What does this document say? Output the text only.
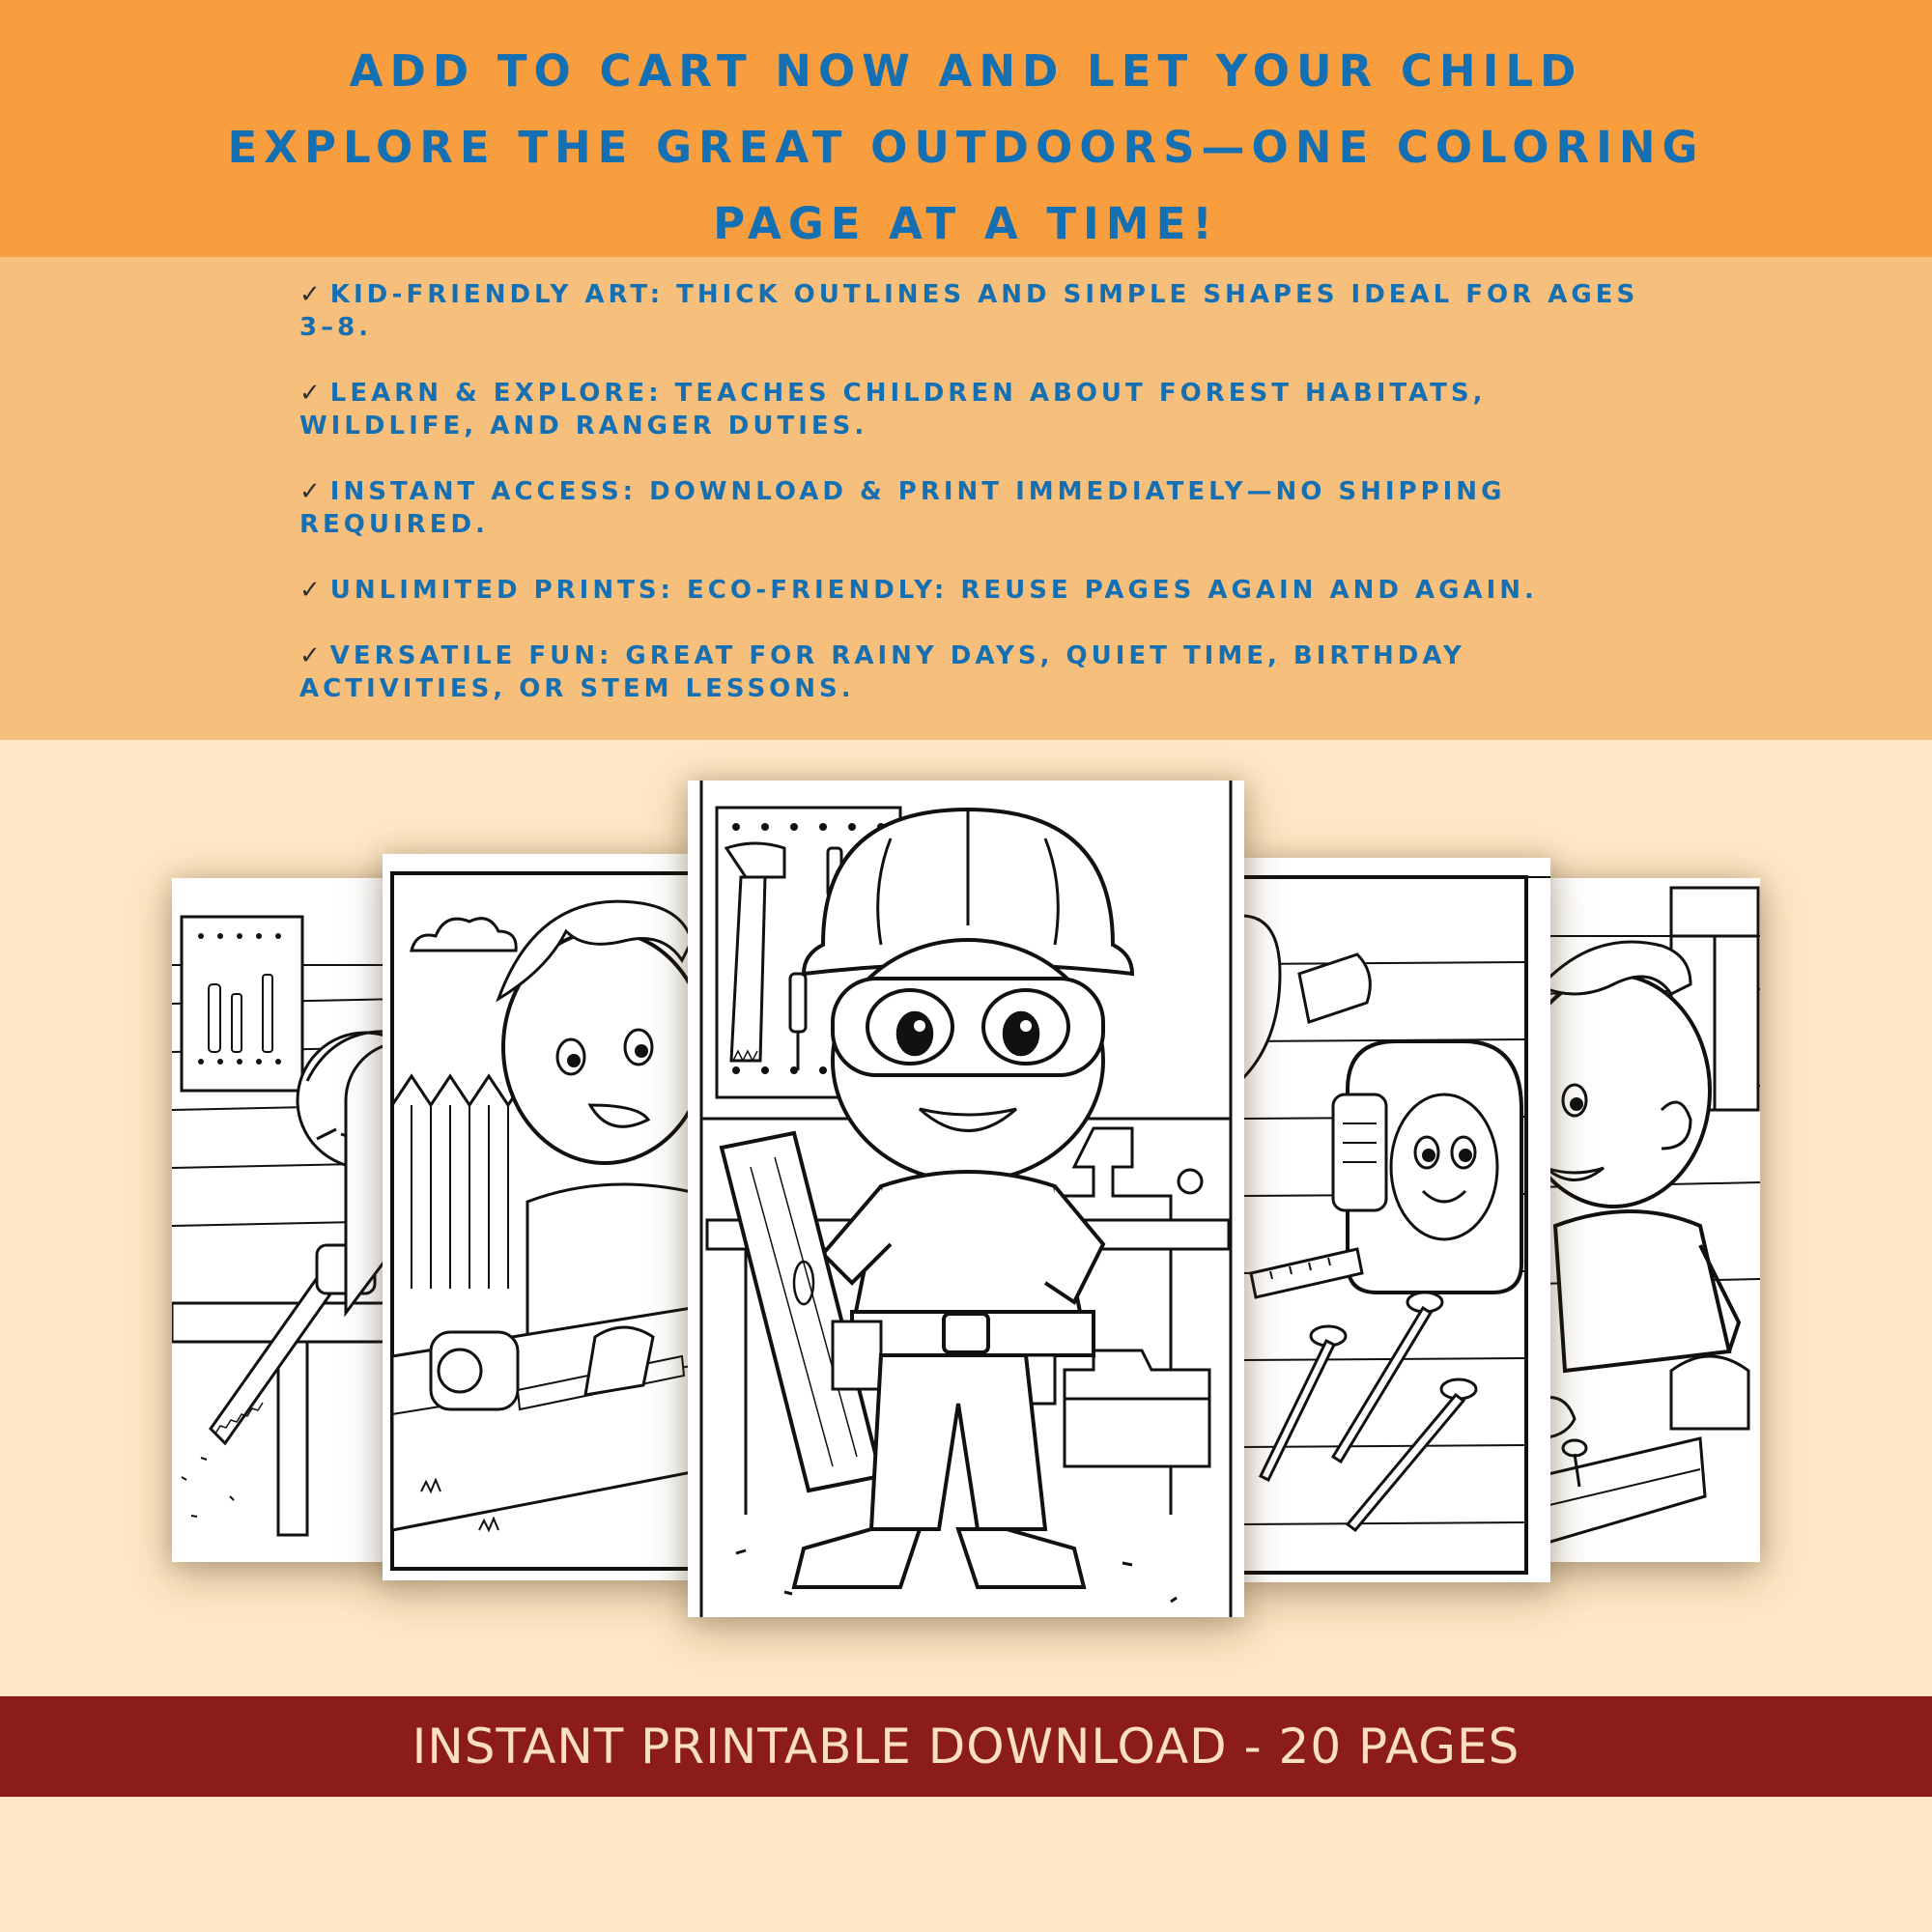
ADD TO CART NOW AND LET YOUR CHILD
EXPLORE THE GREAT OUTDOORS—ONE COLORING
PAGE AT A TIME!
✓ KID-FRIENDLY ART: THICK OUTLINES AND SIMPLE SHAPES IDEAL FOR AGES 3–8.
✓ LEARN & EXPLORE: TEACHES CHILDREN ABOUT FOREST HABITATS, WILDLIFE, AND RANGER DUTIES.
✓ INSTANT ACCESS: DOWNLOAD & PRINT IMMEDIATELY—NO SHIPPING REQUIRED.
✓ UNLIMITED PRINTS: ECO-FRIENDLY: REUSE PAGES AGAIN AND AGAIN.
✓ VERSATILE FUN: GREAT FOR RAINY DAYS, QUIET TIME, BIRTHDAY ACTIVITIES, OR STEM LESSONS.
INSTANT PRINTABLE DOWNLOAD - 20 PAGES
